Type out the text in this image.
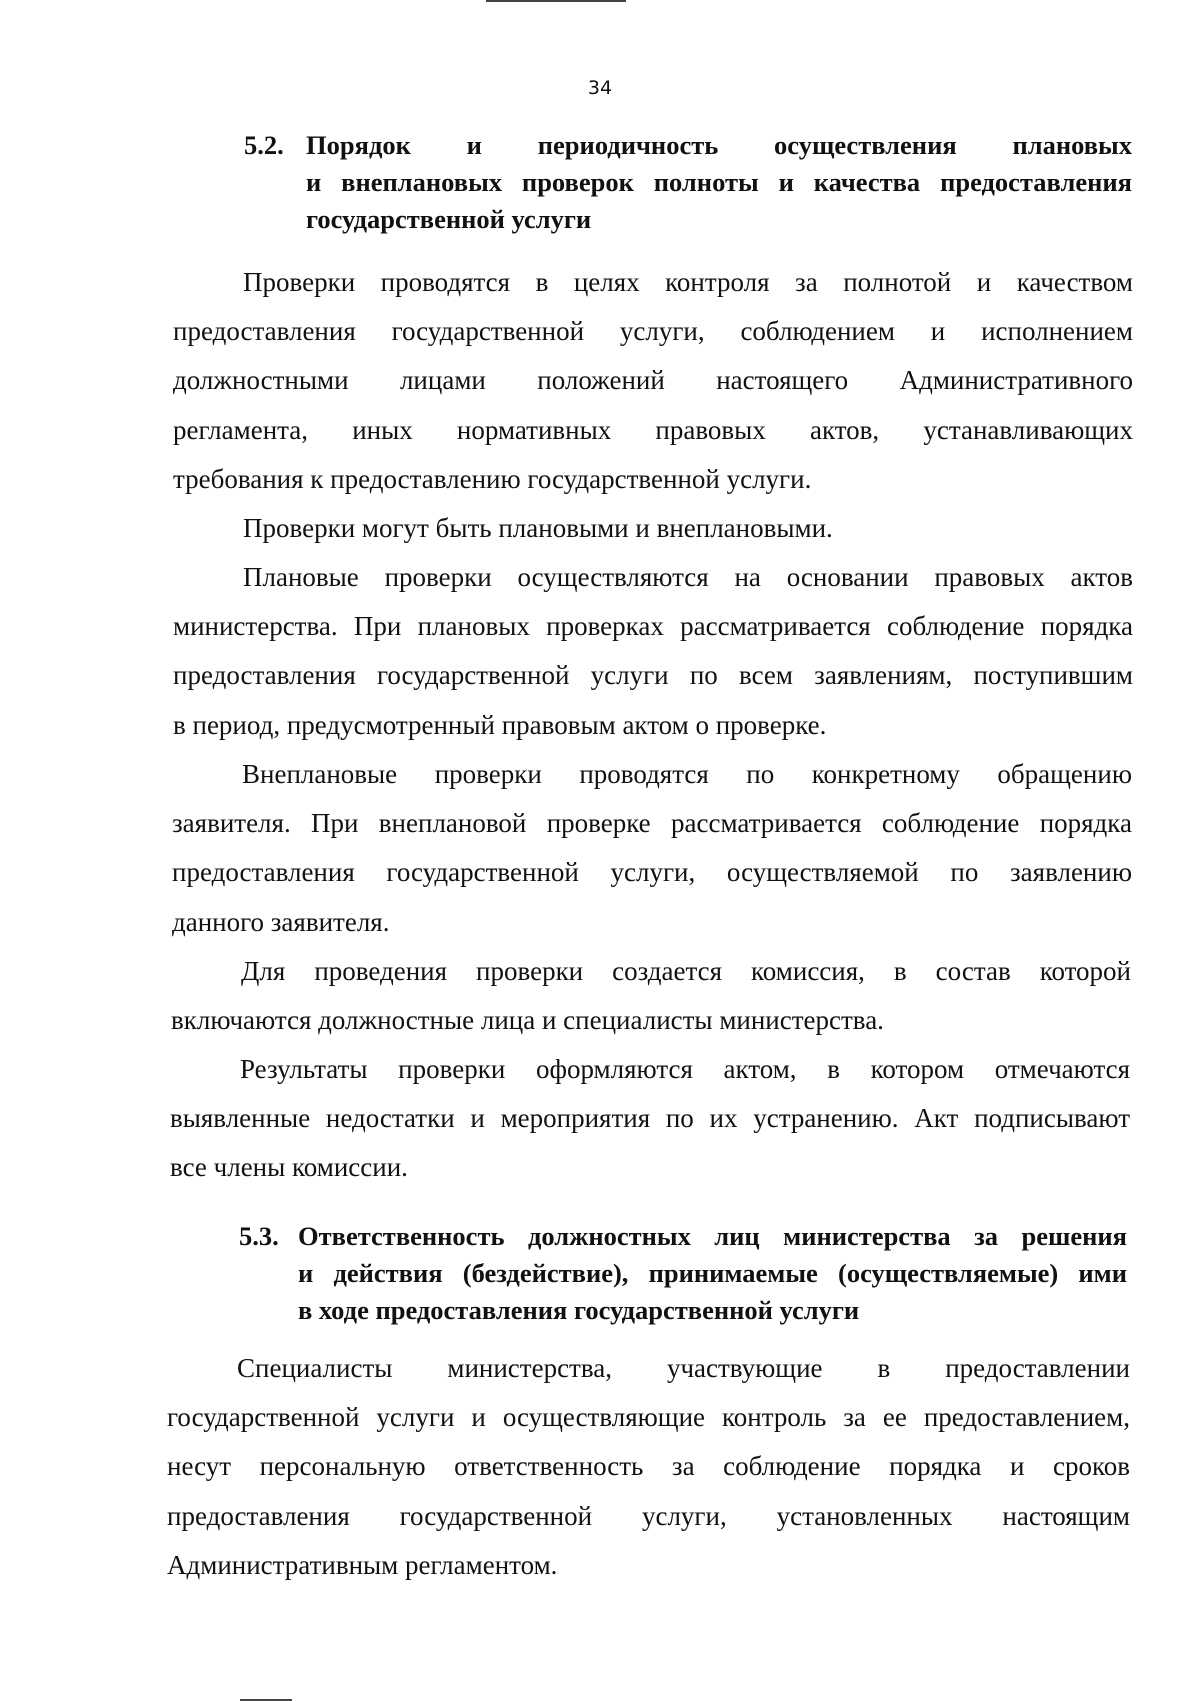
34
5.2. Порядок и периодичность осуществления плановых
и внеплановых проверок полноты и качества предоставления
государственной услуги
Проверки проводятся в целях контроля за полнотой и качеством
предоставления государственной услуги, соблюдением и исполнением
должностными лицами положений настоящего Административного
регламента, иных нормативных правовых актов, устанавливающих
требования к предоставлению государственной услуги.
Проверки могут быть плановыми и внеплановыми.
Плановые проверки осуществляются на основании правовых актов
министерства. При плановых проверках рассматривается соблюдение порядка
предоставления государственной услуги по всем заявлениям, поступившим
в период, предусмотренный правовым актом о проверке.
Внеплановые проверки проводятся по конкретному обращению
заявителя. При внеплановой проверке рассматривается соблюдение порядка
предоставления государственной услуги, осуществляемой по заявлению
данного заявителя.
Для проведения проверки создается комиссия, в состав которой
включаются должностные лица и специалисты министерства.
Результаты проверки оформляются актом, в котором отмечаются
выявленные недостатки и мероприятия по их устранению. Акт подписывают
все члены комиссии.
5.3. Ответственность должностных лиц министерства за решения
и действия (бездействие), принимаемые (осуществляемые) ими
в ходе предоставления государственной услуги
Специалисты министерства, участвующие в предоставлении
государственной услуги и осуществляющие контроль за ее предоставлением,
несут персональную ответственность за соблюдение порядка и сроков
предоставления государственной услуги, установленных настоящим
Административным регламентом.
